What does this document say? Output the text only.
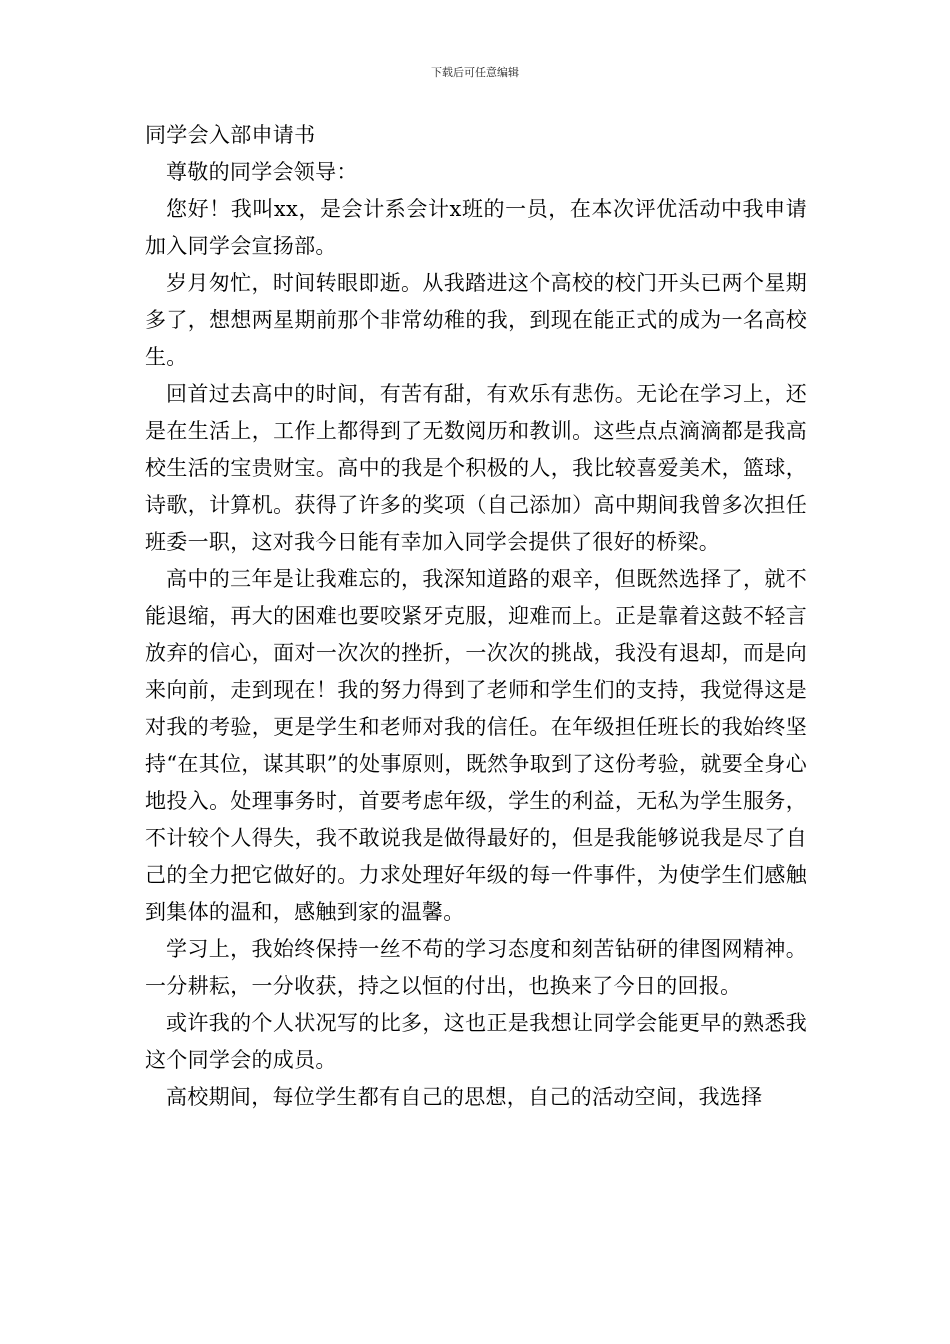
下载后可任意编辑
同学会入部申请书

尊敬的同学会领导：

您好！我叫xx，是会计系会计x班的一员，在本次评优活动中我申请加入同学会宣扬部。

岁月匆忙，时间转眼即逝。从我踏进这个高校的校门开头已两个星期多了，想想两星期前那个非常幼稚的我，到现在能正式的成为一名高校生。

回首过去高中的时间，有苦有甜，有欢乐有悲伤。无论在学习上，还是在生活上，工作上都得到了无数阅历和教训。这些点点滴滴都是我高校生活的宝贵财宝。高中的我是个积极的人，我比较喜爱美术，篮球，诗歌，计算机。获得了许多的奖项（自己添加）高中期间我曾多次担任班委一职，这对我今日能有幸加入同学会提供了很好的桥梁。

高中的三年是让我难忘的，我深知道路的艰辛，但既然选择了，就不能退缩，再大的困难也要咬紧牙克服，迎难而上。正是靠着这鼓不轻言放弃的信心，面对一次次的挫折，一次次的挑战，我没有退却，而是向来向前，走到现在！我的努力得到了老师和学生们的支持，我觉得这是对我的考验，更是学生和老师对我的信任。在年级担任班长的我始终坚持“在其位，谋其职”的处事原则，既然争取到了这份考验，就要全身心地投入。处理事务时，首要考虑年级，学生的利益，无私为学生服务，不计较个人得失，我不敢说我是做得最好的，但是我能够说我是尽了自己的全力把它做好的。力求处理好年级的每一件事件，为使学生们感触到集体的温和，感触到家的温馨。

学习上，我始终保持一丝不苟的学习态度和刻苦钻研的律图网精神。一分耕耘，一分收获，持之以恒的付出，也换来了今日的回报。

或许我的个人状况写的比多，这也正是我想让同学会能更早的熟悉我这个同学会的成员。

高校期间，每位学生都有自己的思想，自己的活动空间，我选择
